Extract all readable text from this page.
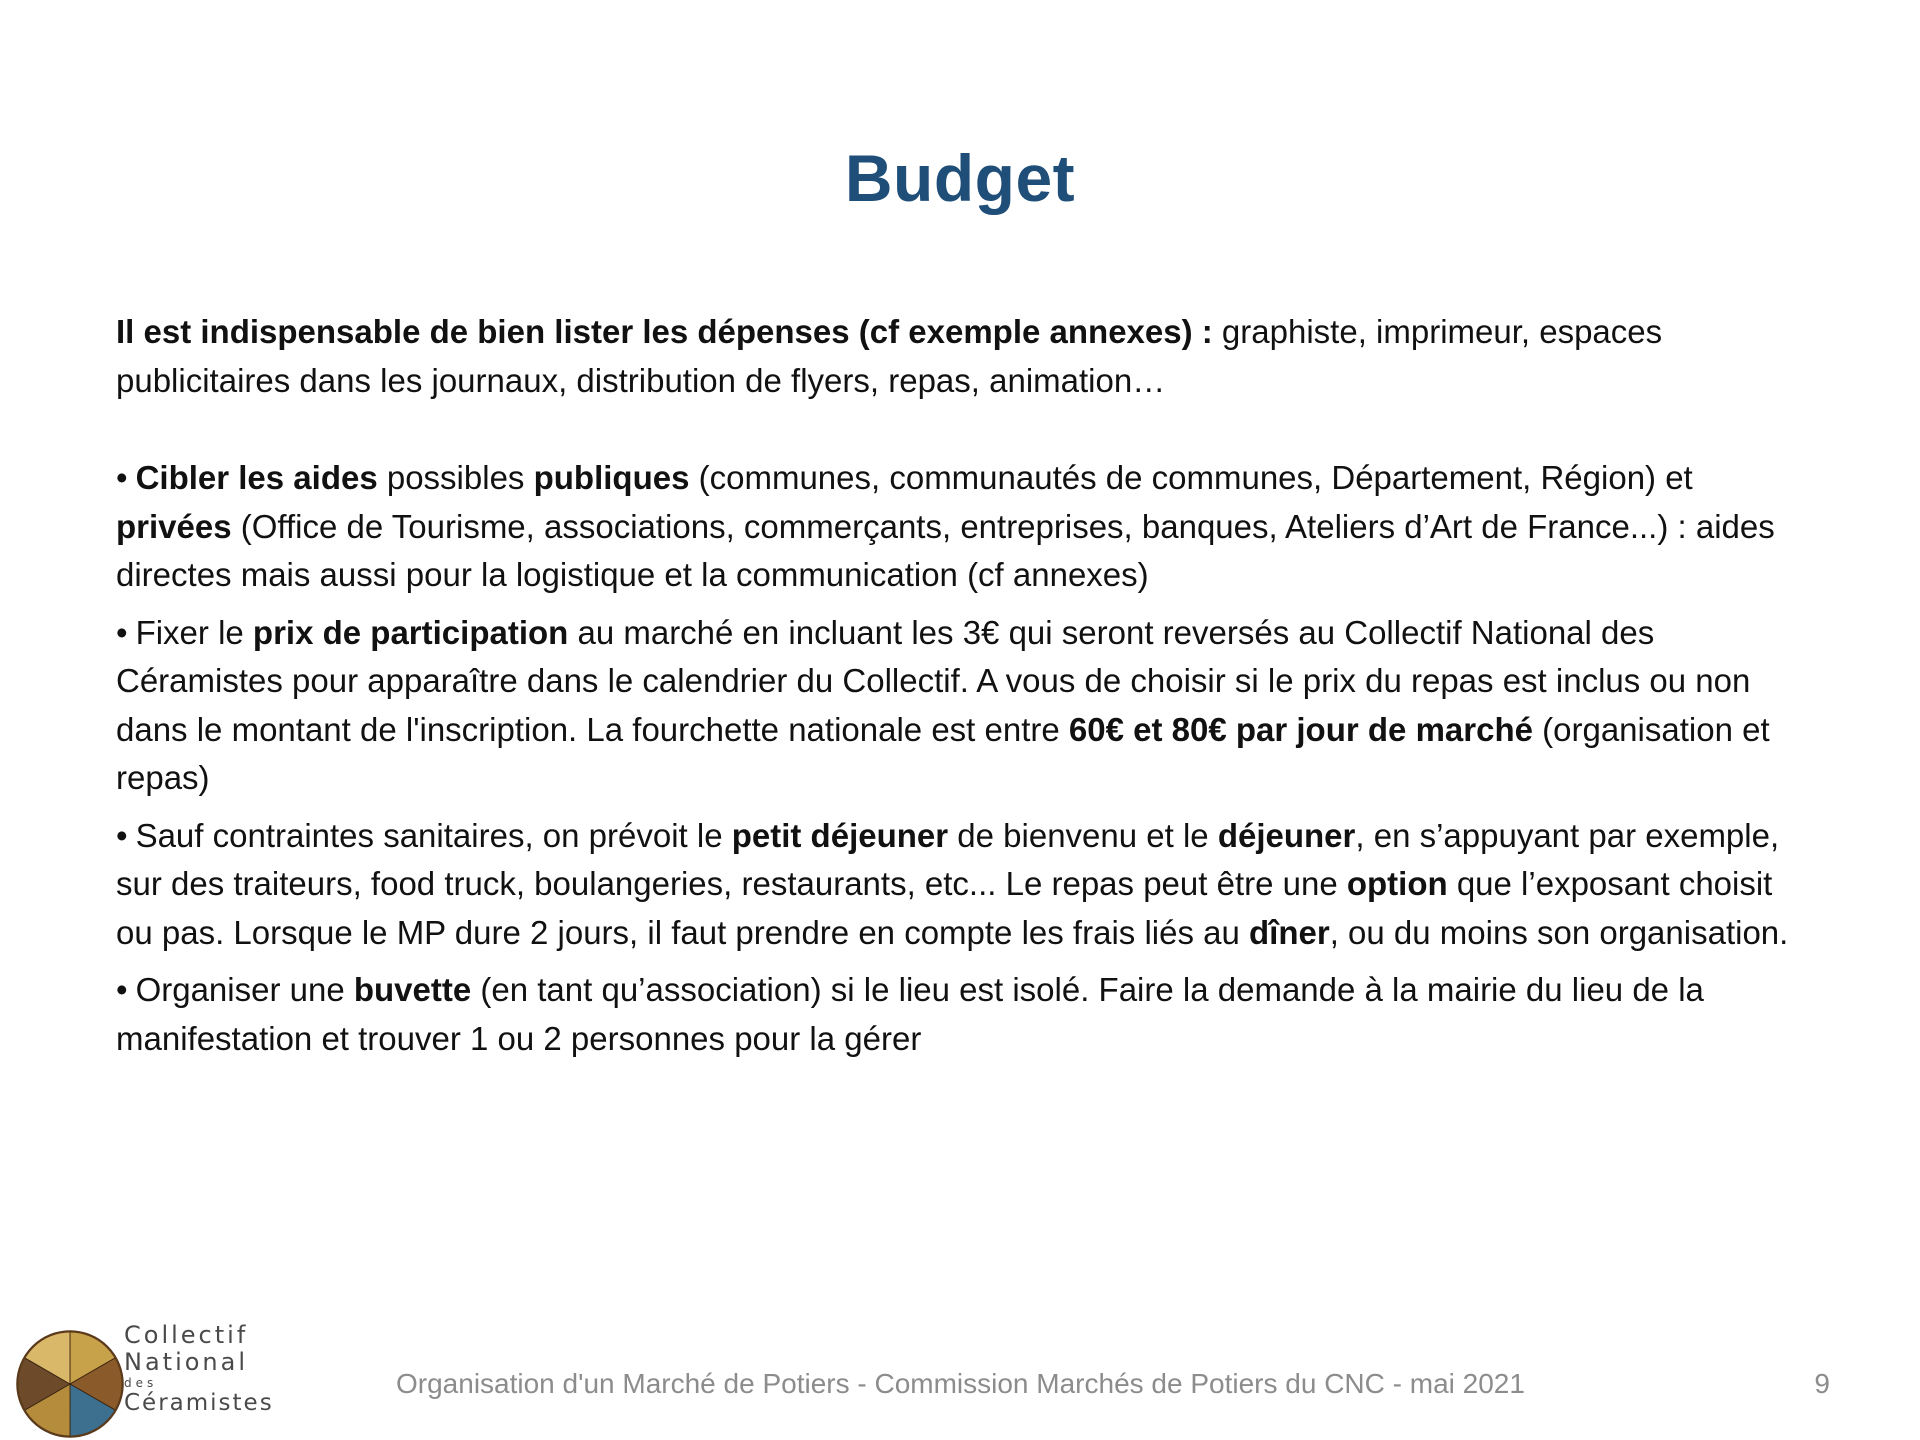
Budget

Il est indispensable de bien lister les dépenses (cf exemple annexes) : graphiste, imprimeur, espaces publicitaires dans les journaux, distribution de flyers, repas, animation…

• Cibler les aides possibles publiques (communes, communautés de communes, Département, Région) et privées (Office de Tourisme, associations, commerçants, entreprises, banques, Ateliers d’Art de France...) : aides directes mais aussi pour la logistique et la communication (cf annexes)

• Fixer le prix de participation au marché en incluant les 3€ qui seront reversés au Collectif National des Céramistes pour apparaître dans le calendrier du Collectif. A vous de choisir si le prix du repas est inclus ou non dans le montant de l'inscription. La fourchette nationale est entre 60€ et 80€ par jour de marché (organisation et repas)

• Sauf contraintes sanitaires, on prévoit le petit déjeuner de bienvenu et le déjeuner, en s’appuyant par exemple, sur des traiteurs, food truck, boulangeries, restaurants, etc... Le repas peut être une option que l’exposant choisit ou pas. Lorsque le MP dure 2 jours, il faut prendre en compte les frais liés au dîner, ou du moins son organisation.

• Organiser une buvette (en tant qu’association) si le lieu est isolé. Faire la demande à la mairie du lieu de la manifestation et trouver 1 ou 2 personnes pour la gérer

Organisation d'un Marché de Potiers - Commission Marchés de Potiers du CNC - mai 2021	9
Collectif
National
des
Céramistes
